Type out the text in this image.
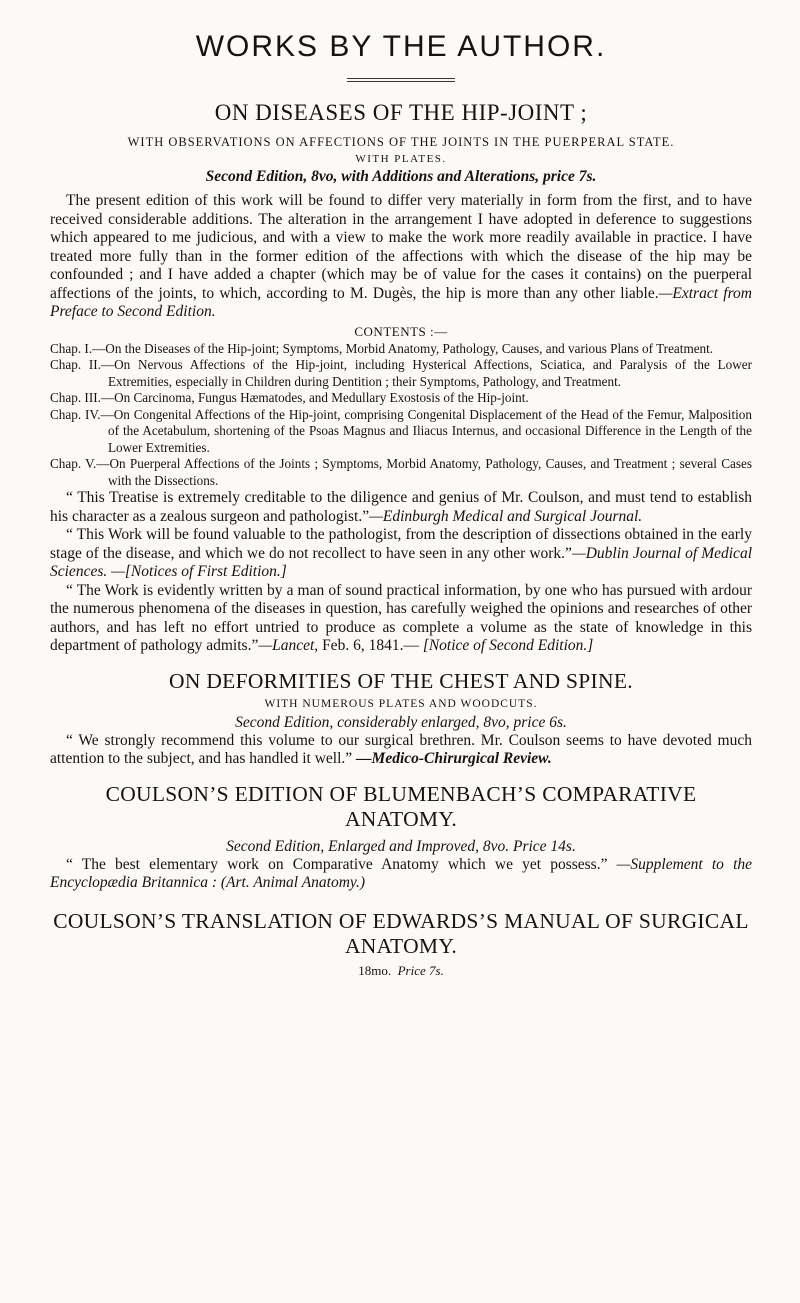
WORKS BY THE AUTHOR.
ON DISEASES OF THE HIP-JOINT ;
WITH OBSERVATIONS ON AFFECTIONS OF THE JOINTS IN THE PUERPERAL STATE.
WITH PLATES.
Second Edition, 8vo, with Additions and Alterations, price 7s.

The present edition of this work will be found to differ very materially in form from the first, and to have received considerable additions. The alteration in the arrangement I have adopted in deference to suggestions which appeared to me judicious, and with a view to make the work more readily available in practice. I have treated more fully than in the former edition of the affections with which the disease of the hip may be confounded ; and I have added a chapter (which may be of value for the cases it contains) on the puerperal affections of the joints, to which, according to M. Dugès, the hip is more than any other liable.—Extract from Preface to Second Edition.

CONTENTS :—

Chap. I.—On the Diseases of the Hip-joint; Symptoms, Morbid Anatomy, Pathology, Causes, and various Plans of Treatment.

Chap. II.—On Nervous Affections of the Hip-joint, including Hysterical Affections, Sciatica, and Paralysis of the Lower Extremities, especially in Children during Dentition ; their Symptoms, Pathology, and Treatment.

Chap. III.—On Carcinoma, Fungus Hæmatodes, and Medullary Exostosis of the Hip-joint.

Chap. IV.—On Congenital Affections of the Hip-joint, comprising Congenital Displacement of the Head of the Femur, Malposition of the Acetabulum, shortening of the Psoas Magnus and Iliacus Internus, and occasional Difference in the Length of the Lower Extremities.

Chap. V.—On Puerperal Affections of the Joints ; Symptoms, Morbid Anatomy, Pathology, Causes, and Treatment ; several Cases with the Dissections.

“ This Treatise is extremely creditable to the diligence and genius of Mr. Coulson, and must tend to establish his character as a zealous surgeon and pathologist.”—Edinburgh Medical and Surgical Journal.

“ This Work will be found valuable to the pathologist, from the description of dissections obtained in the early stage of the disease, and which we do not recollect to have seen in any other work.”—Dublin Journal of Medical Sciences. —[Notices of First Edition.]

“ The Work is evidently written by a man of sound practical information, by one who has pursued with ardour the numerous phenomena of the diseases in question, has carefully weighed the opinions and researches of other authors, and has left no effort untried to produce as complete a volume as the state of knowledge in this department of pathology admits.”—Lancet, Feb. 6, 1841.— [Notice of Second Edition.]

ON DEFORMITIES OF THE CHEST AND SPINE.
WITH NUMEROUS PLATES AND WOODCUTS.
Second Edition, considerably enlarged, 8vo, price 6s.

“ We strongly recommend this volume to our surgical brethren. Mr. Coulson seems to have devoted much attention to the subject, and has handled it well.” —Medico-Chirurgical Review.

COULSON’S EDITION OF BLUMENBACH’S COMPARATIVE ANATOMY.
Second Edition, Enlarged and Improved, 8vo. Price 14s.

“ The best elementary work on Comparative Anatomy which we yet possess.” —Supplement to the Encyclopædia Britannica : (Art. Animal Anatomy.)

COULSON’S TRANSLATION OF EDWARDS’S MANUAL OF SURGICAL ANATOMY.
18mo. Price 7s.
